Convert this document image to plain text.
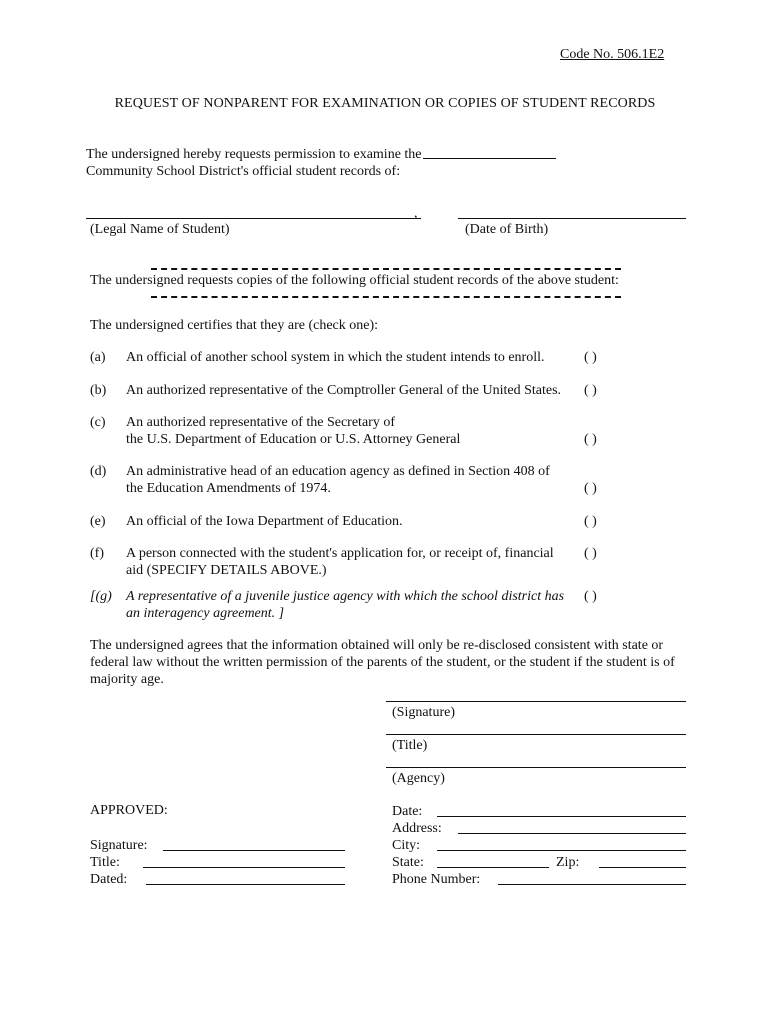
Code No. 506.1E2
REQUEST OF NONPARENT FOR EXAMINATION OR COPIES OF STUDENT RECORDS
The undersigned hereby requests permission to examine the
Community School District's official student records of:
,
(Legal Name of Student)	(Date of Birth)
The undersigned requests copies of the following official student records of the above student:
The undersigned certifies that they are (check one):
(a) An official of another school system in which the student intends to enroll.	( )
(b) An authorized representative of the Comptroller General of the United States. ( )
(c) An authorized representative of the Secretary of
the U.S. Department of Education or U.S. Attorney General	( )
(d) An administrative head of an education agency as defined in Section 408 of
the Education Amendments of 1974.	( )
(e) An official of the Iowa Department of Education.	( )
(f) A person connected with the student's application for, or receipt of, financial
aid (SPECIFY DETAILS ABOVE.)
( )
[(g) A representative of a juvenile justice agency with which the school district has
an interagency agreement. ]
( )
The undersigned agrees that the information obtained will only be re-disclosed consistent with state or
federal law without the written permission of the parents of the student, or the student if the student is of
majority age.
(Signature)
(Title)
(Agency)
APPROVED:
Signature:
Title:
Dated:
Date:
Address:
City:
State:	Zip:
Phone Number:
